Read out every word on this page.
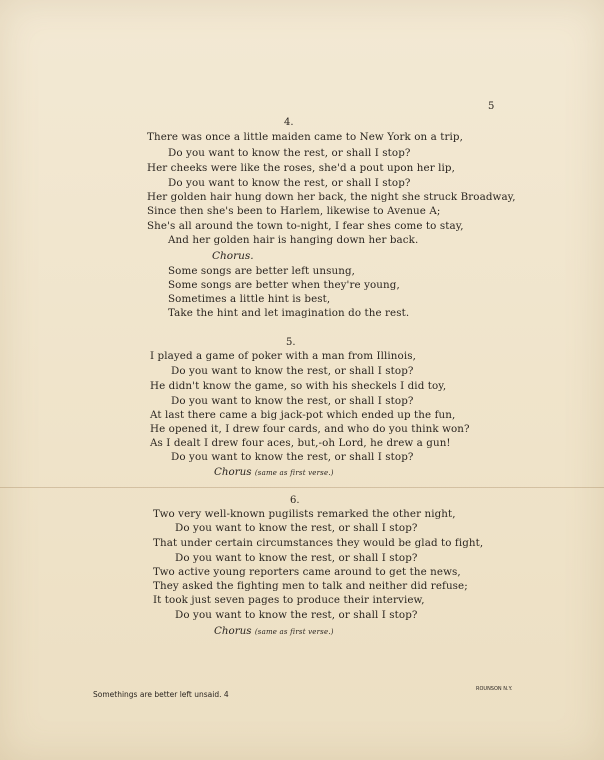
5
4.
There was once a little maiden came to New York on a trip,
Do you want to know the rest, or shall I stop?
Her cheeks were like the roses, she'd a pout upon her lip,
Do you want to know the rest, or shall I stop?
Her golden hair hung down her back, the night she struck Broadway,
Since then she's been to Harlem, likewise to Avenue A;
She's all around the town to-night, I fear shes come to stay,
And her golden hair is hanging down her back.
Chorus.
Some songs are better left unsung,
Some songs are better when they're young,
Sometimes a little hint is best,
Take the hint and let imagination do the rest.
5.
I played a game of poker with a man from Illinois,
Do you want to know the rest, or shall I stop?
He didn't know the game, so with his sheckels I did toy,
Do you want to know the rest, or shall I stop?
At last there came a big jack-pot which ended up the fun,
He opened it, I drew four cards, and who do you think won?
As I dealt I drew four aces, but,-oh Lord, he drew a gun!
Do you want to know the rest, or shall I stop?
Chorus (same as first verse.)
6.
Two very well-known pugilists remarked the other night,
Do you want to know the rest, or shall I stop?
That under certain circumstances they would be glad to fight,
Do you want to know the rest, or shall I stop?
Two active young reporters came around to get the news,
They asked the fighting men to talk and neither did refuse;
It took just seven pages to produce their interview,
Do you want to know the rest, or shall I stop?
Chorus (same as first verse.)
Somethings are better left unsaid. 4
ROUNSON N.Y.
